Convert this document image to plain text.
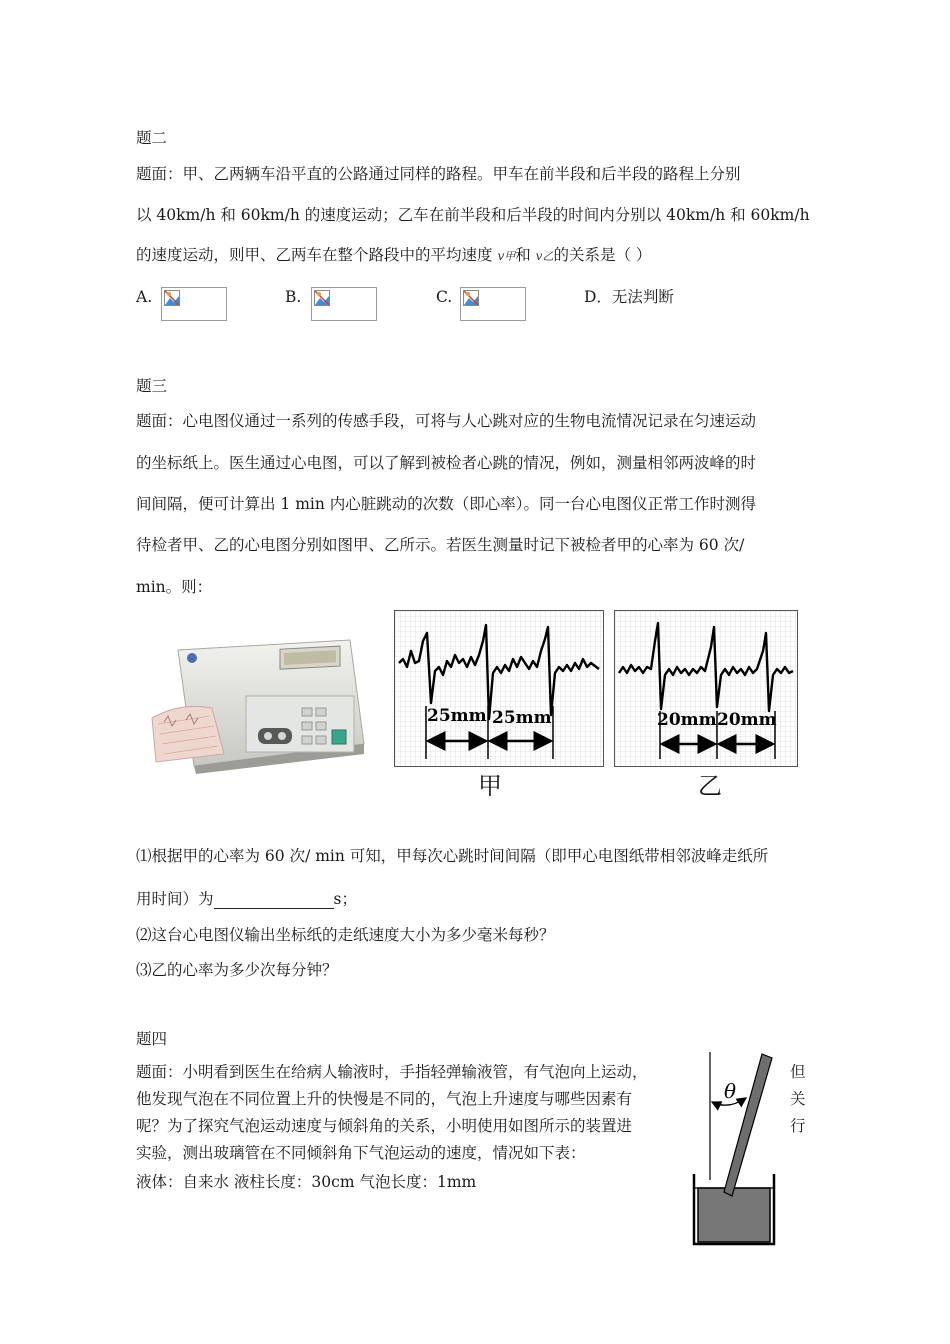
题二
题面：甲、乙两辆车沿平直的公路通过同样的路程。甲车在前半段和后半段的路程上分别
以 40km/h 和 60km/h 的速度运动；乙车在前半段和后半段的时间内分别以 40km/h 和 60km/h
的速度运动，则甲、乙两车在整个路段中的平均速度 v甲和 v乙的关系是（ ）
A.	B.	C.	D．无法判断
题三
题面：心电图仪通过一系列的传感手段，可将与人心跳对应的生物电流情况记录在匀速运动
的坐标纸上。医生通过心电图，可以了解到被检者心跳的情况，例如，测量相邻两波峰的时
间间隔，便可计算出 1 min 内心脏跳动的次数（即心率）。同一台心电图仪正常工作时测得
待检者甲、乙的心电图分别如图甲、乙所示。若医生测量时记下被检者甲的心率为 60 次/
min。则：
25mm 25mm
甲
20mm 20mm
乙
⑴根据甲的心率为 60 次/ min 可知，甲每次心跳时间间隔（即甲心电图纸带相邻波峰走纸所
用时间）为	s；
⑵这台心电图仪输出坐标纸的走纸速度大小为多少毫米每秒？
⑶乙的心率为多少次每分钟？
题四
题面：小明看到医生在给病人输液时，手指轻弹输液管，有气泡向上运动，	但
他发现气泡在不同位置上升的快慢是不同的，气泡上升速度与哪些因素有	关
呢？为了探究气泡运动速度与倾斜角的关系，小明使用如图所示的装置进	行
实验，测出玻璃管在不同倾斜角下气泡运动的速度，情况如下表：
液体：自来水 液柱长度：30cm 气泡长度：1mm
θ
